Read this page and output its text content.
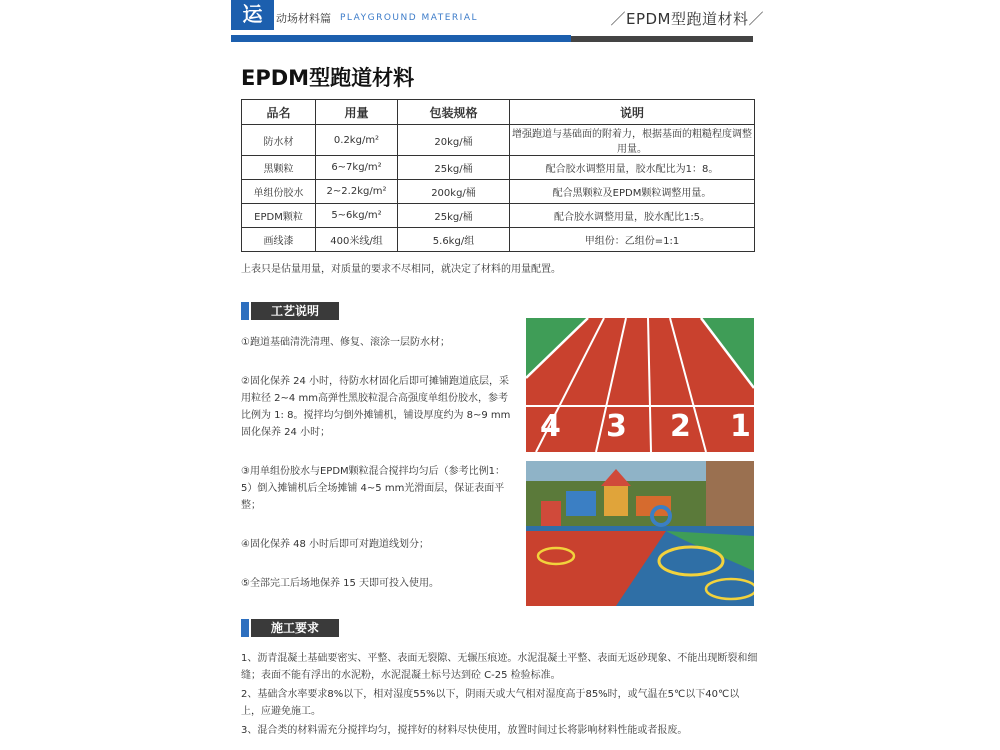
运	动场材料篇 PLAYGROUND MATERIAL	／EPDM型跑道材料／
EPDM型跑道材料
品名	用量	包装规格	说明
防水材	0.2kg/m²	20kg/桶	增强跑道与基础面的附着力，根据基面的粗糙程度调整用量。
黑颗粒	6~7kg/m²	25kg/桶	配合胶水调整用量，胶水配比为1：8。
单组份胶水	2~2.2kg/m²	200kg/桶	配合黑颗粒及EPDM颗粒调整用量。
EPDM颗粒	5~6kg/m²	25kg/桶	配合胶水调整用量，胶水配比1:5。
画线漆	400米线/组	5.6kg/组	甲组份：乙组份=1:1
上表只是估量用量，对质量的要求不尽相同，就决定了材料的用量配置。
工艺说明

①跑道基础清洗清理、修复、滚涂一层防水材；

②固化保养 24 小时，待防水材固化后即可摊铺跑道底层，采用粒径 2~4 mm高弹性黑胶粒混合高强度单组份胶水，参考比例为 1: 8。搅拌均匀倒外摊铺机，铺设厚度约为 8~9 mm固化保养 24 小时；

③用单组份胶水与EPDM颗粒混合搅拌均匀后（参考比例1：5）倒入摊铺机后全场摊铺 4~5 mm光滑面层，保证表面平整；

④固化保养 48 小时后即可对跑道线划分；

⑤全部完工后场地保养 15 天即可投入使用。

4 3 2 1
施工要求

1、沥青混凝土基础要密实、平整、表面无裂隙、无辗压痕迹。水泥混凝土平整、表面无返砂现象、不能出现断裂和细缝；表面不能有浮出的水泥粉，水泥混凝土标号达到砼 C-25 检验标准。

2、基础含水率要求8%以下，相对湿度55%以下，阴雨天或大气相对湿度高于85%时，或气温在5℃以下40℃以上，应避免施工。

3、混合类的材料需充分搅拌均匀，搅拌好的材料尽快使用，放置时间过长将影响材料性能或者报废。
